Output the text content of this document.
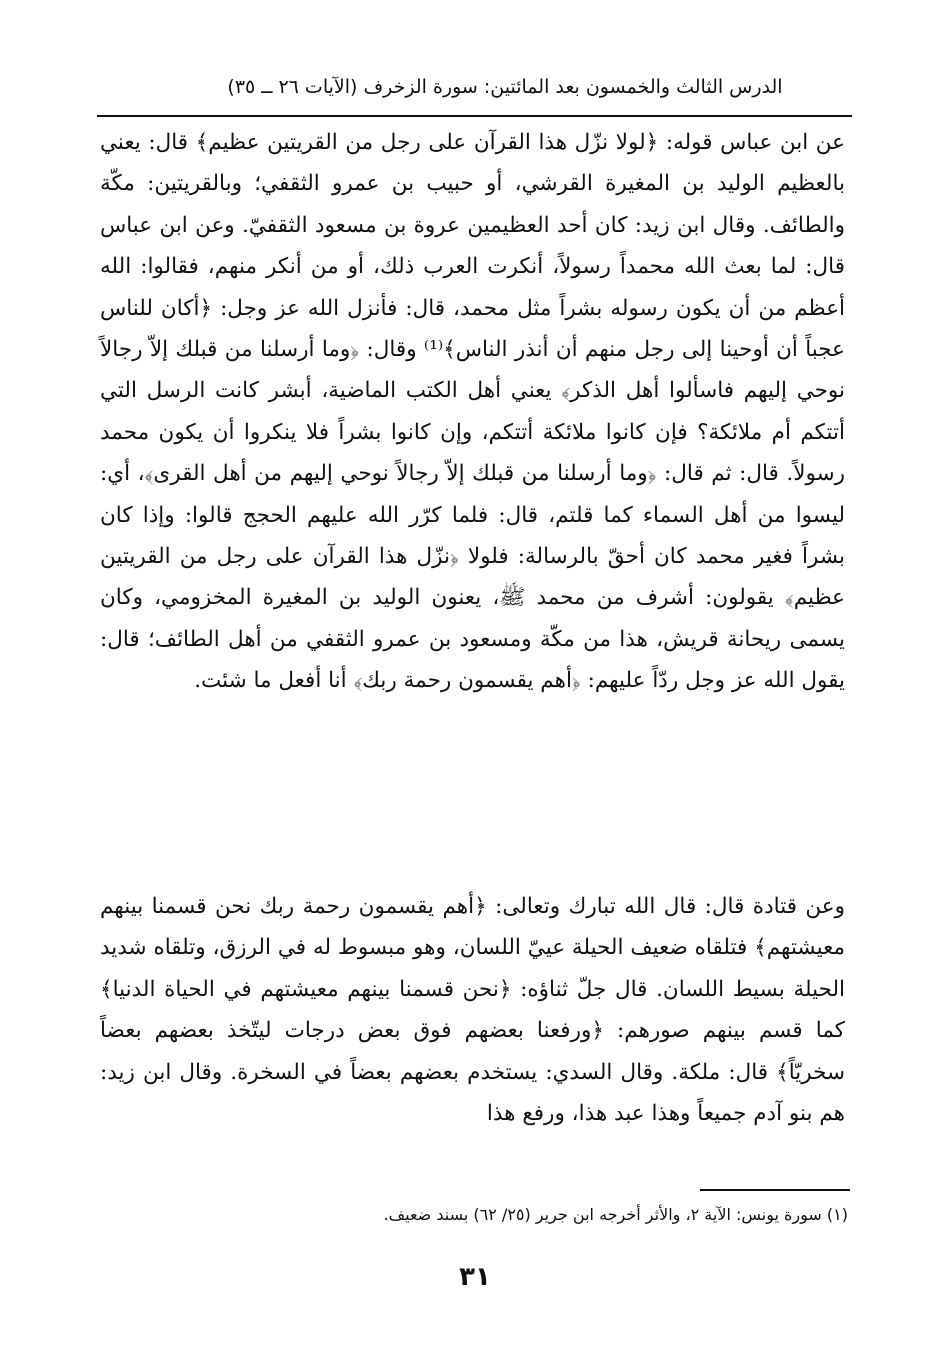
الدرس الثالث والخمسون بعد المائتين: سورة الزخرف (الآيات ٢٦ ــ ٣٥)

عن ابن عباس قوله: ﴿لولا نزّل هذا القرآن على رجل من القريتين عظيم﴾ قال: يعني بالعظيم الوليد بن المغيرة القرشي، أو حبيب بن عمرو الثقفي؛ وبالقريتين: مكّة والطائف. وقال ابن زيد: كان أحد العظيمين عروة بن مسعود الثقفيّ. وعن ابن عباس قال: لما بعث الله محمداً رسولاً، أنكرت العرب ذلك، أو من أنكر منهم، فقالوا: الله أعظم من أن يكون رسوله بشراً مثل محمد، قال: فأنزل الله عز وجل: ﴿أكان للناس عجباً أن أوحينا إلى رجل منهم أن أنذر الناس﴾⁽¹⁾ وقال: ﴿وما أرسلنا من قبلك إلاّ رجالاً نوحي إليهم فاسألوا أهل الذكر﴾ يعني أهل الكتب الماضية، أبشر كانت الرسل التي أتتكم أم ملائكة؟ فإن كانوا ملائكة أتتكم، وإن كانوا بشراً فلا ينكروا أن يكون محمد رسولاً. قال: ثم قال: ﴿وما أرسلنا من قبلك إلاّ رجالاً نوحي إليهم من أهل القرى﴾، أي: ليسوا من أهل السماء كما قلتم، قال: فلما كرّر الله عليهم الحجج قالوا: وإذا كان بشراً فغير محمد كان أحقّ بالرسالة: فلولا ﴿نزّل هذا القرآن على رجل من القريتين عظيم﴾ يقولون: أشرف من محمد ﷺ، يعنون الوليد بن المغيرة المخزومي، وكان يسمى ريحانة قريش، هذا من مكّة ومسعود بن عمرو الثقفي من أهل الطائف؛ قال: يقول الله عز وجل ردّاً عليهم: ﴿أهم يقسمون رحمة ربك﴾ أنا أفعل ما شئت.

وعن قتادة قال: قال الله تبارك وتعالى: ﴿أهم يقسمون رحمة ربك نحن قسمنا بينهم معيشتهم﴾ فتلقاه ضعيف الحيلة عييّ اللسان، وهو مبسوط له في الرزق، وتلقاه شديد الحيلة بسيط اللسان. قال جلّ ثناؤه: ﴿نحن قسمنا بينهم معيشتهم في الحياة الدنيا﴾ كما قسم بينهم صورهم: ﴿ورفعنا بعضهم فوق بعض درجات ليتّخذ بعضهم بعضاً سخريّاً﴾ قال: ملكة. وقال السدي: يستخدم بعضهم بعضاً في السخرة. وقال ابن زيد: هم بنو آدم جميعاً وهذا عبد هذا، ورفع هذا

(١) سورة يونس: الآية ٢، والأثر أخرجه ابن جرير (٢٥/ ٦٢) بسند ضعيف.
٣١
